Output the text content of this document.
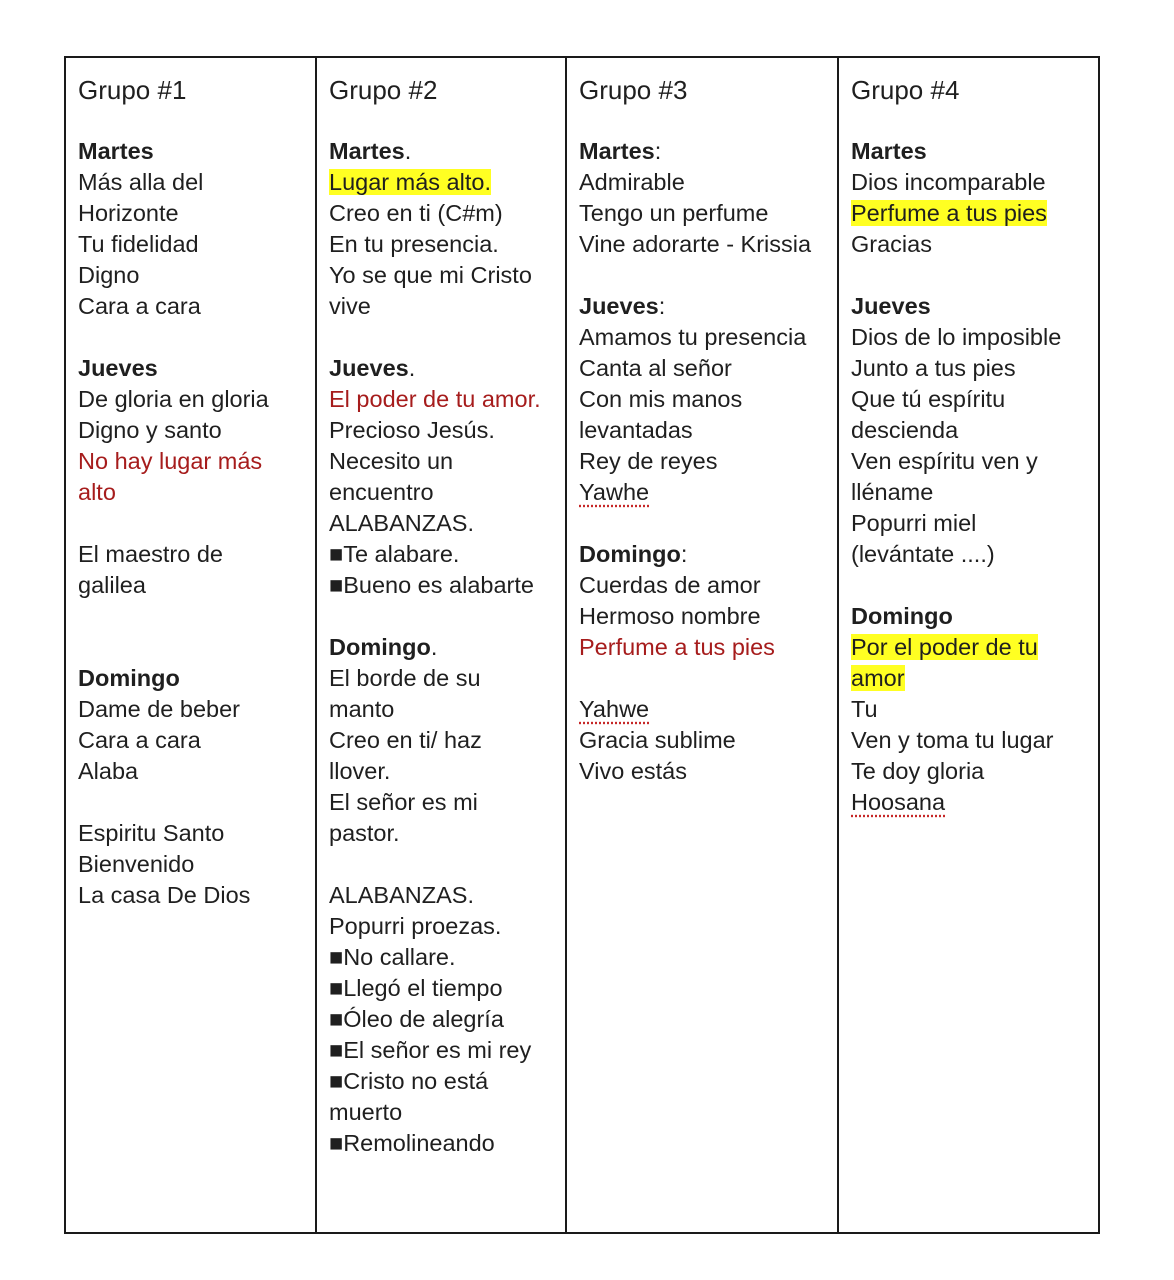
Grupo #1
Martes
Más alla del
Horizonte
Tu fidelidad
Digno
Cara a cara
Jueves
De gloria en gloria
Digno y santo
No hay lugar más
alto
El maestro de
galilea
Domingo
Dame de beber
Cara a cara
Alaba
Espiritu Santo
Bienvenido
La casa De Dios
Grupo #2
Martes.
Lugar más alto.
Creo en ti (C#m)
En tu presencia.
Yo se que mi Cristo
vive
Jueves.
El poder de tu amor.
Precioso Jesús.
Necesito un
encuentro
ALABANZAS.
■Te alabare.
■Bueno es alabarte
Domingo.
El borde de su
manto
Creo en ti/ haz
llover.
El señor es mi
pastor.
ALABANZAS.
Popurri proezas.
■No callare.
■Llegó el tiempo
■Óleo de alegría
■El señor es mi rey
■Cristo no está
muerto
■Remolineando
Grupo #3
Martes:
Admirable
Tengo un perfume
Vine adorarte - Krissia
Jueves:
Amamos tu presencia
Canta al señor
Con mis manos
levantadas
Rey de reyes
Yawhe
Domingo:
Cuerdas de amor
Hermoso nombre
Perfume a tus pies
Yahwe
Gracia sublime
Vivo estás
Grupo #4
Martes
Dios incomparable
Perfume a tus pies
Gracias
Jueves
Dios de lo imposible
Junto a tus pies
Que tú espíritu
descienda
Ven espíritu ven y
lléname
Popurri miel
(levántate ....)
Domingo
Por el poder de tu
amor
Tu
Ven y toma tu lugar
Te doy gloria
Hoosana
